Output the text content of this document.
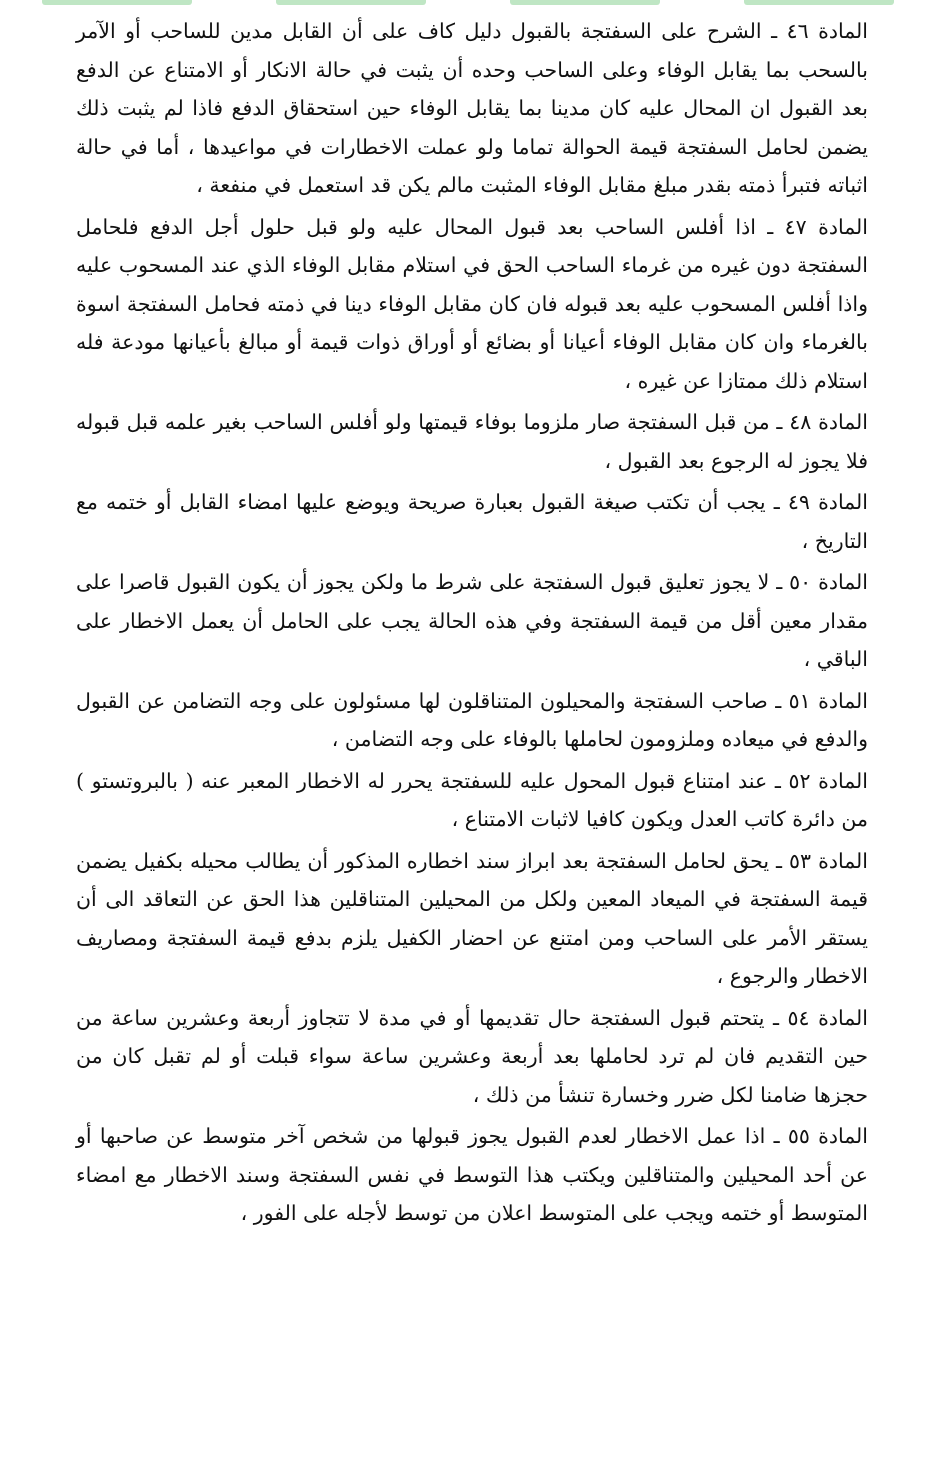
المادة ٤٦ ـ الشرح على السفتجة بالقبول دليل كاف على أن القابل مدين للساحب أو الآمر بالسحب بما يقابل الوفاء وعلى الساحب وحده أن يثبت في حالة الانكار أو الامتناع عن الدفع بعد القبول ان المحال عليه كان مدينا بما يقابل الوفاء حين استحقاق الدفع فاذا لم يثبت ذلك يضمن لحامل السفتجة قيمة الحوالة تماما ولو عملت الاخطارات في مواعيدها ، أما في حالة اثباته فتبرأ ذمته بقدر مبلغ مقابل الوفاء المثبت مالم يكن قد استعمل في منفعة ،

المادة ٤٧ ـ اذا أفلس الساحب بعد قبول المحال عليه ولو قبل حلول أجل الدفع فلحامل السفتجة دون غيره من غرماء الساحب الحق في استلام مقابل الوفاء الذي عند المسحوب عليه واذا أفلس المسحوب عليه بعد قبوله فان كان مقابل الوفاء دينا في ذمته فحامل السفتجة اسوة بالغرماء وان كان مقابل الوفاء أعيانا أو بضائع أو أوراق ذوات قيمة أو مبالغ بأعيانها مودعة فله استلام ذلك ممتازا عن غيره ،

المادة ٤٨ ـ من قبل السفتجة صار ملزوما بوفاء قيمتها ولو أفلس الساحب بغير علمه قبل قبوله فلا يجوز له الرجوع بعد القبول ،

المادة ٤٩ ـ يجب أن تكتب صيغة القبول بعبارة صريحة ويوضع عليها امضاء القابل أو ختمه مع التاريخ ،

المادة ٥٠ ـ لا يجوز تعليق قبول السفتجة على شرط ما ولكن يجوز أن يكون القبول قاصرا على مقدار معين أقل من قيمة السفتجة وفي هذه الحالة يجب على الحامل أن يعمل الاخطار على الباقي ،

المادة ٥١ ـ صاحب السفتجة والمحيلون المتناقلون لها مسئولون على وجه التضامن عن القبول والدفع في ميعاده وملزومون لحاملها بالوفاء على وجه التضامن ،

المادة ٥٢ ـ عند امتناع قبول المحول عليه للسفتجة يحرر له الاخطار المعبر عنه ( بالبروتستو ) من دائرة كاتب العدل ويكون كافيا لاثبات الامتناع ،

المادة ٥٣ ـ يحق لحامل السفتجة بعد ابراز سند اخطاره المذكور أن يطالب محيله بكفيل يضمن قيمة السفتجة في الميعاد المعين ولكل من المحيلين المتناقلين هذا الحق عن التعاقد الى أن يستقر الأمر على الساحب ومن امتنع عن احضار الكفيل يلزم بدفع قيمة السفتجة ومصاريف الاخطار والرجوع ،

المادة ٥٤ ـ يتحتم قبول السفتجة حال تقديمها أو في مدة لا تتجاوز أربعة وعشرين ساعة من حين التقديم فان لم ترد لحاملها بعد أربعة وعشرين ساعة سواء قبلت أو لم تقبل كان من حجزها ضامنا لكل ضرر وخسارة تنشأ من ذلك ،

المادة ٥٥ ـ اذا عمل الاخطار لعدم القبول يجوز قبولها من شخص آخر متوسط عن صاحبها أو عن أحد المحيلين والمتناقلين ويكتب هذا التوسط في نفس السفتجة وسند الاخطار مع امضاء المتوسط أو ختمه ويجب على المتوسط اعلان من توسط لأجله على الفور ،
